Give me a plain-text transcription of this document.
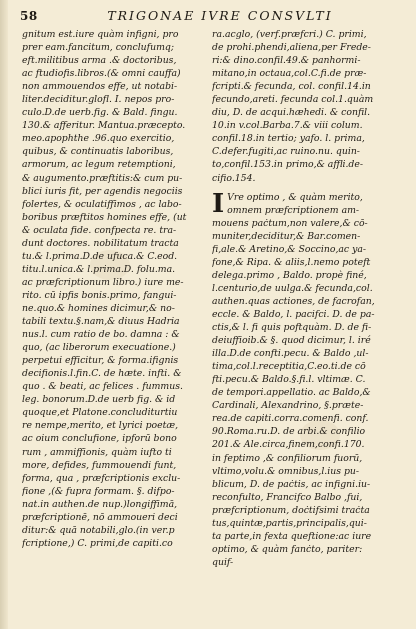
58	TRIGONAE IVRE CONSVLTI
gnitum est.iure quàm infigni, pro
prer eam.fancitum, conclufumq;
eft.militibus arma .& doctoribus,
ac ftudiofis.libros.(& omni cauffa)
non ammouendos effe, ut notabi-
liter.deciditur.glofl. I. nepos pro-
culo.D.de uerb.fig. & Bald. fingu.
130.& afferitur. Mantua.præcepto.
meo.apophthe .96.quo exercitio,
quibus, & continuatis laboribus,
armorum, ac legum retemptioni,
& augumento.præftitis:& cum pu-
blici iuris fit, per agendis negociis
folertes, & oculatiffimos , ac labo-
boribus præftitos homines effe, (ut
& oculata fide. confpecta re. tra-
dunt doctores. nobilitatum tracta
tu.& l.prima.D.de ufuca.& C.eod.
titu.l.unica.& l.prima.D. folu.ma.
ac præfcriptionum libro.) iure me-
rito. cū ipfis bonis.primo, fangui-
ne.quo.& homines dicimur,& no-
tabili textu.§.nam,& diuus Hadria
nus.l. cum ratio de bo. damna : &
quo, (ac liberorum execuatione.)
perpetui efficitur, & forma.ifignis
decifionis.l.fin.C. de hæte. infti. &
quo . & beati, ac felices . fummus.
leg. bonorum.D.de uerb fig. & id
quoque,et Platone.concluditurtiu
re nempe,merito, et lyrici poetæ,
ac oium conclufione, ipforū bono
rum , ammiffionis, quàm iufto ti
more, defides, fummouendi funt,
forma, qua , præfcriptionis exclu-
fione ,(& fupra formam. §. difpo-
nat.in authen.de nup.)longiffimā,
præfcriptionē, nō ammoueri deci
ditur:& quā notabili,glo.(in ver.p
fcriptione,) C. primi,de capiti.co
ra.acglo, (verf.præfcri.) C. primi,
de prohi.phendi,aliena,per Frede-
ri:& dino.confil.49.& panhormi-
mitano,in octaua,col.C.fi.de præ-
fcripti.& fecunda, col. confil.14.in
fecundo,areti. fecunda col.1.quàm
diu, D. de acqui.hæhedi. & confil.
10.in v.col.Barba.7.& viii colum.
confil.18.in tertio; yafo. l. prima,
C.defer.fugiti,ac ruino.nu. quin-
to,confil.153.in primo,& affli.de-
cifio.154.
I Vre optimo , & quàm merito,
omnem præfcriptionem am-
mouens paċtum,non valere,& cō-
muniter,deciditur,& Bar.comen-
fi,ale.& Aretino,& Soccino,ac ya-
fone,& Ripa. & aliis,l.nemo poteft
delega.primo , Baldo. propè finé,
l.centurio,de uulga.& fecunda,col.
authen.quas actiones, de facrofan,
eccle. & Baldo, l. pacifci. D. de pa-
ctis,& l. fi quis poftquàm. D. de fi-
deiuffioib.& §. quod dicimur, l. iré
illa.D.de confti.pecu. & Baldo ,ul-
tima,col.l.receptitia,C.eo.ti.de cō
fti.pecu.& Baldo.§.fi.l. vltimæ. C.
de tempori.appellatio. ac Baldo,&
Cardinali, Alexandrino, §.præte-
rea.de capiti.corra.comenfi. conf.
90.Roma.ru.D. de arbi.& confilio
201.& Ale.circa,finem,confi.170.
in feptimo ,& confiliorum fuorū,
vltimo,volu.& omnibus,l.ius pu-
blicum, D. de paċtis, ac infigni.iu-
reconfulto, Francifco Balbo ,fui,
præfcriptionum, doċtifsimi traċta
tus,quintæ,partis,principalis,qui-
ta parte,in fexta queftione:ac iure
optimo, & quàm fanċto, pariter:
quif-
